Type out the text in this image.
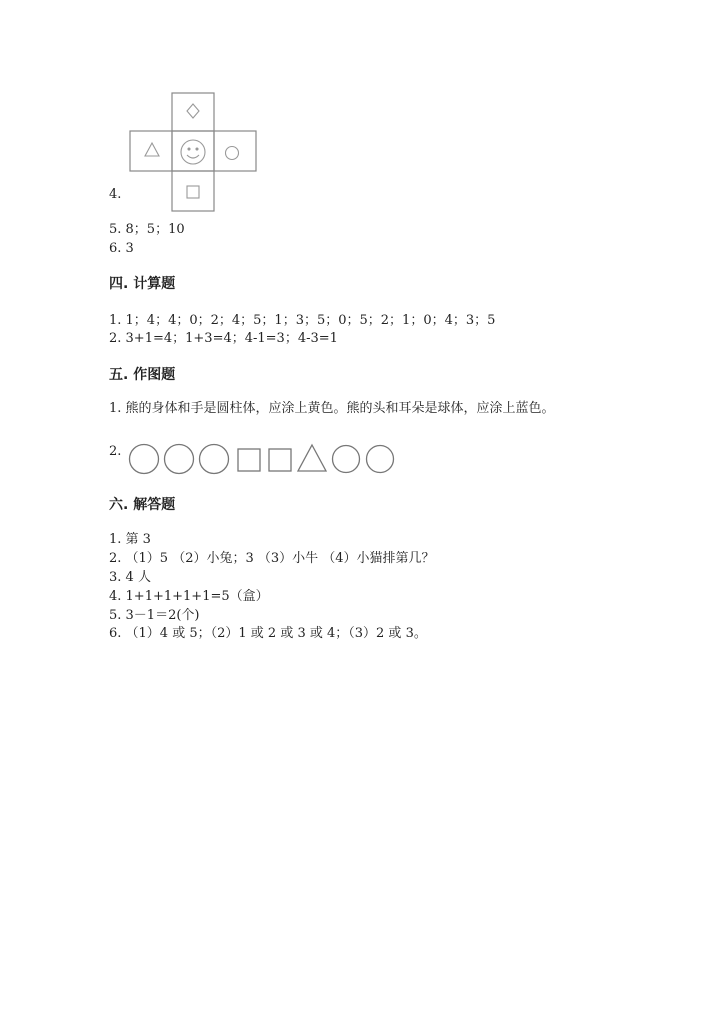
4.
5. 8；5；10
6. 3
四. 计算题
1. 1；4；4；0；2；4；5；1；3；5；0；5；2；1；0；4；3；5
2. 3+1=4；1+3=4；4-1=3；4-3=1
五. 作图题
1. 熊的身体和手是圆柱体，应涂上黄色。熊的头和耳朵是球体，应涂上蓝色。
2.
六. 解答题
1. 第 3
2. （1）5 （2）小兔；3 （3）小牛 （4）小猫排第几？
3. 4 人
4. 1+1+1+1+1=5（盒）
5. 3－1＝2(个)
6. （1）4 或 5；（2）1 或 2 或 3 或 4；（3）2 或 3。
